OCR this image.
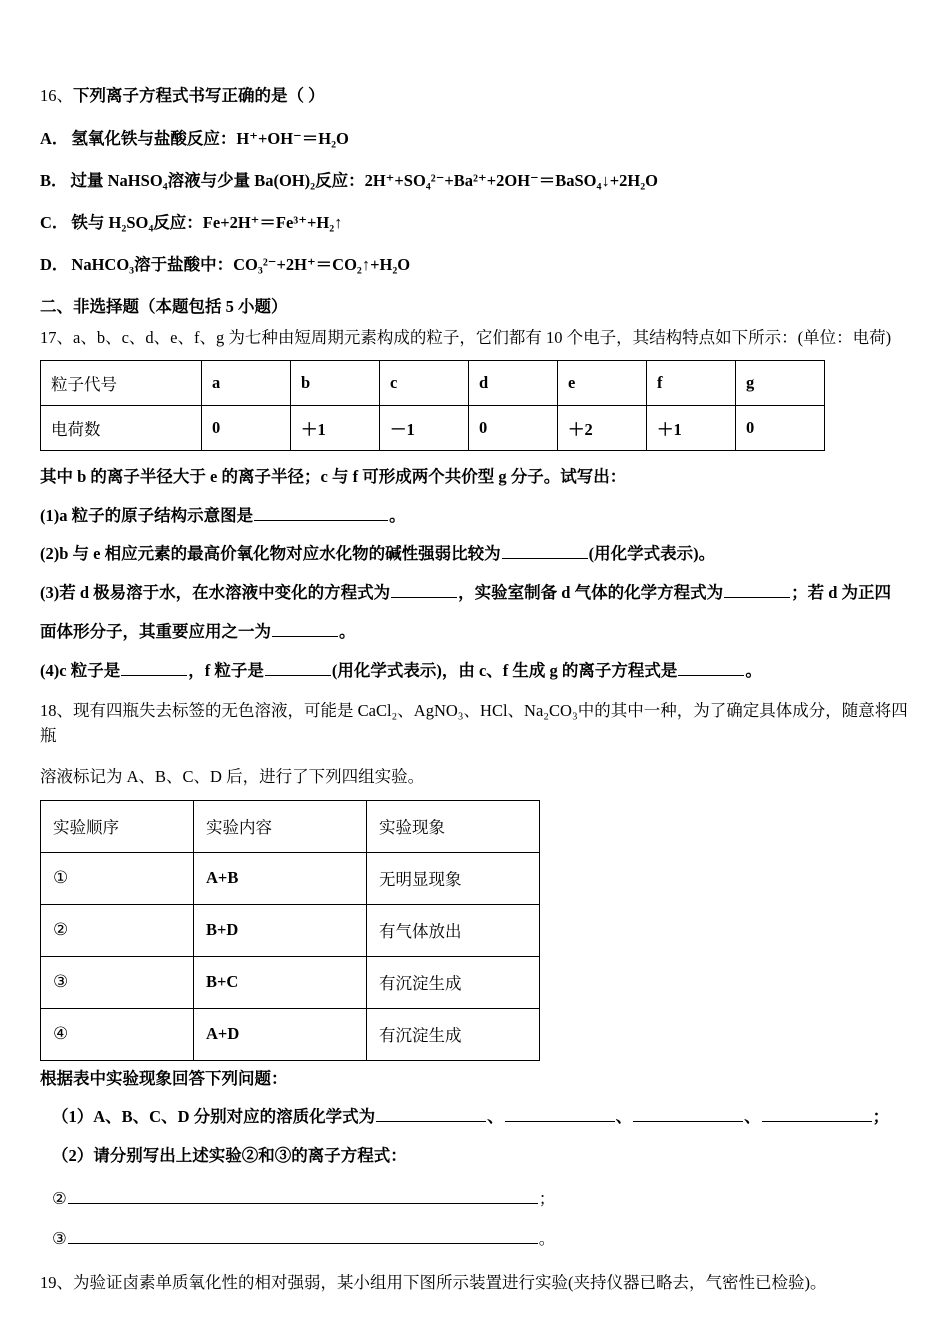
16、下列离子方程式书写正确的是（ ）
A． 氢氧化铁与盐酸反应：H⁺+OH⁻＝H₂O
B． 过量 NaHSO₄溶液与少量 Ba(OH)₂反应：2H⁺+SO₄²⁻+Ba²⁺+2OH⁻＝BaSO₄↓+2H₂O
C． 铁与 H₂SO₄反应：Fe+2H⁺＝Fe³⁺+H₂↑
D． NaHCO₃溶于盐酸中：CO₃²⁻+2H⁺＝CO₂↑+H₂O
二、非选择题（本题包括 5 小题）
17、a、b、c、d、e、f、g 为七种由短周期元素构成的粒子，它们都有 10 个电子，其结构特点如下所示：(单位：电荷)
粒子代号	a	b	c	d	e	f	g
电荷数	0	＋1	－1	0	＋2	＋1	0
其中 b 的离子半径大于 e 的离子半径；c 与 f 可形成两个共价型 g 分子。试写出：
(1)a 粒子的原子结构示意图是	。
(2)b 与 e 相应元素的最高价氧化物对应水化物的碱性强弱比较为	(用化学式表示)。
(3)若 d 极易溶于水，在水溶液中变化的方程式为	，实验室制备 d 气体的化学方程式为	；若 d 为正四
面体形分子，其重要应用之一为	。
(4)c 粒子是	，f 粒子是	(用化学式表示)，由 c、f 生成 g 的离子方程式是	。
18、现有四瓶失去标签的无色溶液，可能是 CaCl₂、AgNO₃、HCl、Na₂CO₃中的其中一种，为了确定具体成分，随意将四瓶
溶液标记为 A、B、C、D 后，进行了下列四组实验。
实验顺序	实验内容	实验现象
①	A+B	无明显现象
②	B+D	有气体放出
③	B+C	有沉淀生成
④	A+D	有沉淀生成
根据表中实验现象回答下列问题：
（1）A、B、C、D 分别对应的溶质化学式为	、	、	、	；
（2）请分别写出上述实验②和③的离子方程式：
②	；
③	。
19、为验证卤素单质氧化性的相对强弱，某小组用下图所示装置进行实验(夹持仪器已略去，气密性已检验)。
